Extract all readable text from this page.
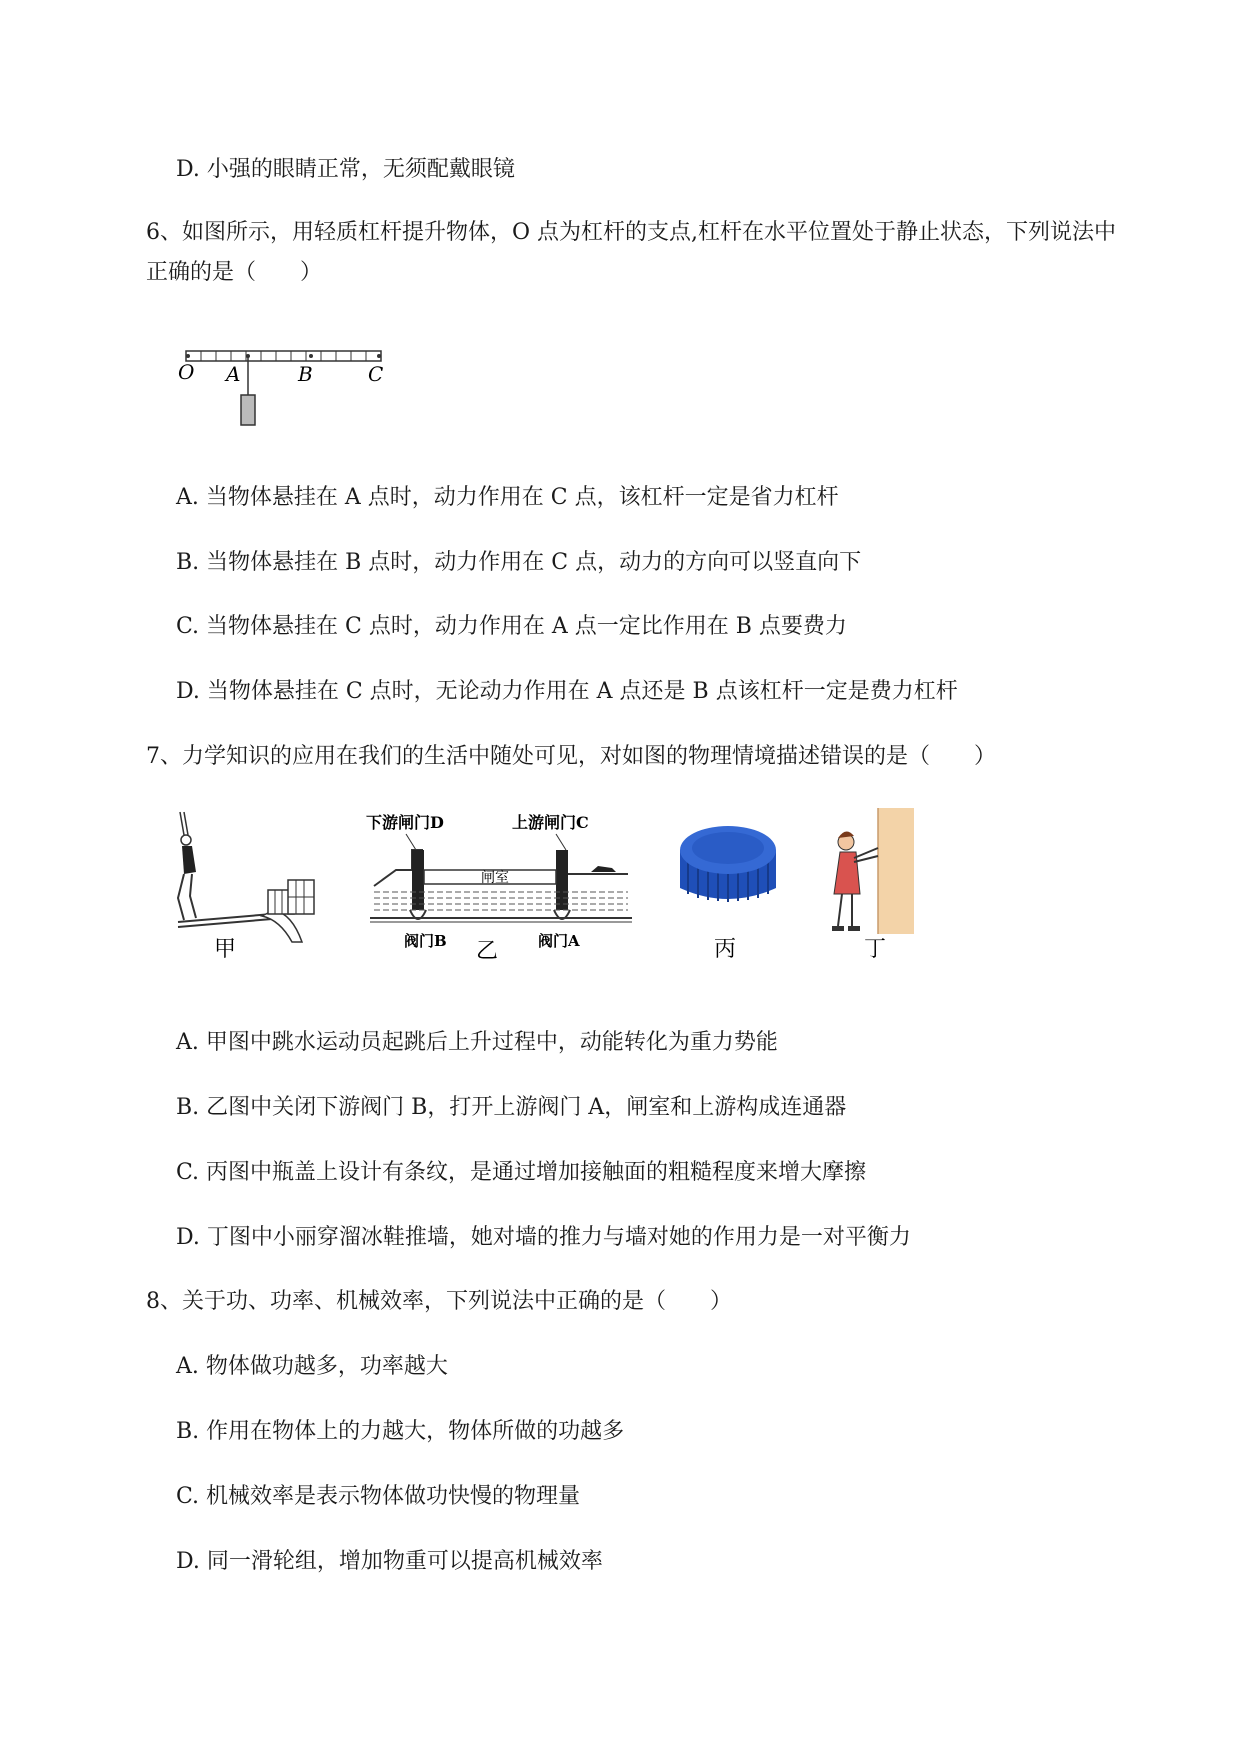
D. 小强的眼睛正常，无须配戴眼镜
6、如图所示，用轻质杠杆提升物体，O 点为杠杆的支点,杠杆在水平位置处于静止状态，下列说法中
正确的是（　　）
O A	B	C
A. 当物体悬挂在 A 点时，动力作用在 C 点，该杠杆一定是省力杠杆
B. 当物体悬挂在 B 点时，动力作用在 C 点，动力的方向可以竖直向下
C. 当物体悬挂在 C 点时，动力作用在 A 点一定比作用在 B 点要费力
D. 当物体悬挂在 C 点时，无论动力作用在 A 点还是 B 点该杠杆一定是费力杠杆
7、力学知识的应用在我们的生活中随处可见，对如图的物理情境描述错误的是（　　）
甲
下游闸门D	上游闸门C
闸室
阀门B	阀门A
乙	丙	丁
A. 甲图中跳水运动员起跳后上升过程中，动能转化为重力势能
B. 乙图中关闭下游阀门 B，打开上游阀门 A，闸室和上游构成连通器
C. 丙图中瓶盖上设计有条纹，是通过增加接触面的粗糙程度来增大摩擦
D. 丁图中小丽穿溜冰鞋推墙，她对墙的推力与墙对她的作用力是一对平衡力
8、关于功、功率、机械效率，下列说法中正确的是（　　）
A. 物体做功越多，功率越大
B. 作用在物体上的力越大，物体所做的功越多
C. 机械效率是表示物体做功快慢的物理量
D. 同一滑轮组，增加物重可以提高机械效率
